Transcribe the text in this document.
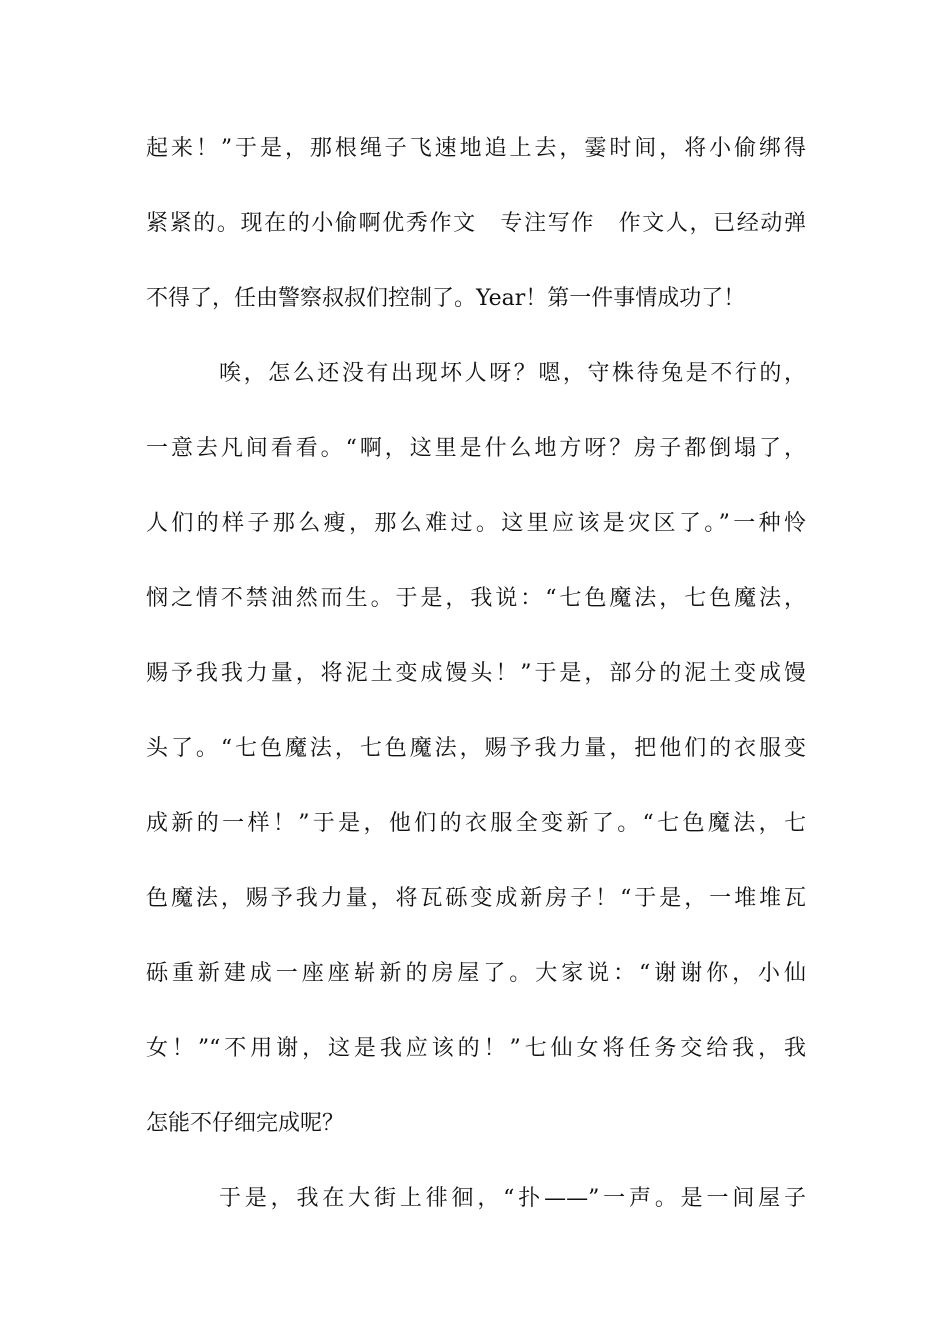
起来！”于是，那根绳子飞速地追上去，霎时间，将小偷绑得
紧紧的。现在的小偷啊优秀作文　专注写作　作文人，已经动弹
不得了，任由警察叔叔们控制了。Year！第一件事情成功了！
唉，怎么还没有出现坏人呀？嗯，守株待兔是不行的，
一意去凡间看看。“啊，这里是什么地方呀？房子都倒塌了，
人们的样子那么瘦，那么难过。这里应该是灾区了。”一种怜
悯之情不禁油然而生。于是，我说：“七色魔法，七色魔法，
赐予我我力量，将泥土变成馒头！”于是，部分的泥土变成馒
头了。“七色魔法，七色魔法，赐予我力量，把他们的衣服变
成新的一样！”于是，他们的衣服全变新了。“七色魔法，七
色魔法，赐予我力量，将瓦砾变成新房子！“于是，一堆堆瓦
砾重新建成一座座崭新的房屋了。大家说：“谢谢你，小仙
女！”“不用谢，这是我应该的！”七仙女将任务交给我，我
怎能不仔细完成呢？
于是，我在大街上徘徊，“扑——”一声。是一间屋子
